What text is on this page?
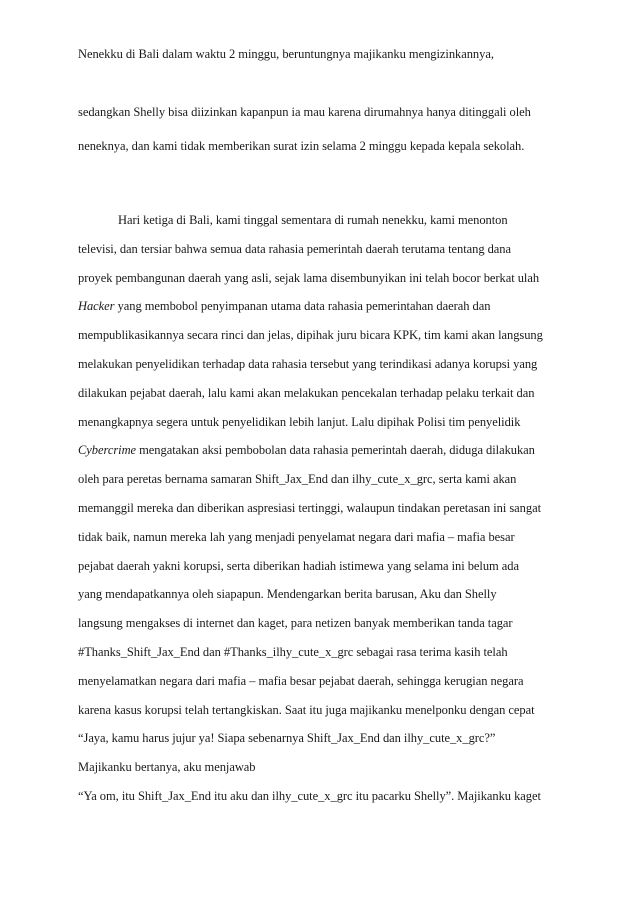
Nenekku di Bali dalam waktu 2 minggu, beruntungnya majikanku mengizinkannya,
sedangkan Shelly bisa diizinkan kapanpun ia mau karena dirumahnya hanya ditinggali oleh
neneknya, dan kami tidak memberikan surat izin selama 2 minggu kepada kepala sekolah.
Hari ketiga di Bali, kami tinggal sementara di rumah nenekku, kami menonton
televisi, dan tersiar bahwa semua data rahasia pemerintah daerah terutama tentang dana
proyek pembangunan daerah yang asli, sejak lama disembunyikan ini telah bocor berkat ulah
Hacker yang membobol penyimpanan utama data rahasia pemerintahan daerah dan
mempublikasikannya secara rinci dan jelas, dipihak juru bicara KPK, tim kami akan langsung
melakukan penyelidikan terhadap data rahasia tersebut yang terindikasi adanya korupsi yang
dilakukan pejabat daerah, lalu kami akan melakukan pencekalan terhadap pelaku terkait dan
menangkapnya segera untuk penyelidikan lebih lanjut. Lalu dipihak Polisi tim penyelidik
Cybercrime mengatakan aksi pembobolan data rahasia pemerintah daerah, diduga dilakukan
oleh para peretas bernama samaran Shift_Jax_End dan ilhy_cute_x_grc, serta kami akan
memanggil mereka dan diberikan aspresiasi tertinggi, walaupun tindakan peretasan ini sangat
tidak baik, namun mereka lah yang menjadi penyelamat negara dari mafia – mafia besar
pejabat daerah yakni korupsi, serta diberikan hadiah istimewa yang selama ini belum ada
yang mendapatkannya oleh siapapun. Mendengarkan berita barusan, Aku dan Shelly
langsung mengakses di internet dan kaget, para netizen banyak memberikan tanda tagar
#Thanks_Shift_Jax_End dan #Thanks_ilhy_cute_x_grc sebagai rasa terima kasih telah
menyelamatkan negara dari mafia – mafia besar pejabat daerah, sehingga kerugian negara
karena kasus korupsi telah tertangkiskan. Saat itu juga majikanku menelponku dengan cepat
“Jaya, kamu harus jujur ya! Siapa sebenarnya Shift_Jax_End dan ilhy_cute_x_grc?”
Majikanku bertanya, aku menjawab
“Ya om, itu Shift_Jax_End itu aku dan ilhy_cute_x_grc itu pacarku Shelly”. Majikanku kaget
